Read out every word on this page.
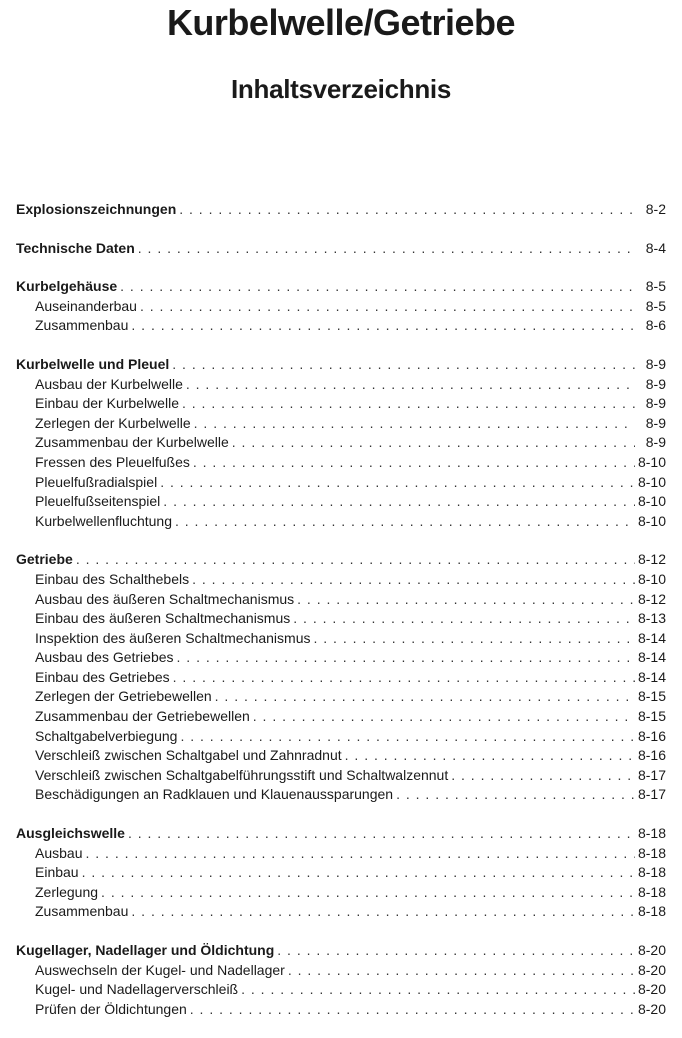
Kurbelwelle/Getriebe
Inhaltsverzeichnis
Explosionszeichnungen . . .	8-2
Technische Daten . . .	8-4
Kurbelgehäuse . . .	8-5
Auseinanderbau . . .	8-5
Zusammenbau . . .	8-6
Kurbelwelle und Pleuel . . .	8-9
Ausbau der Kurbelwelle . . .	8-9
Einbau der Kurbelwelle . . .	8-9
Zerlegen der Kurbelwelle . . .	8-9
Zusammenbau der Kurbelwelle . . .	8-9
Fressen des Pleuelfußes . . .	8-10
Pleuelfußradialspiel . . .	8-10
Pleuelfußseitenspiel . . .	8-10
Kurbelwellenfluchtung . . .	8-10
Getriebe . . .	8-12
Einbau des Schalthebels . . .	8-10
Ausbau des äußeren Schaltmechanismus . . .	8-12
Einbau des äußeren Schaltmechanismus . . .	8-13
Inspektion des äußeren Schaltmechanismus . . .	8-14
Ausbau des Getriebes . . .	8-14
Einbau des Getriebes . . .	8-14
Zerlegen der Getriebewellen . . .	8-15
Zusammenbau der Getriebewellen . . .	8-15
Schaltgabelverbiegung . . .	8-16
Verschleiß zwischen Schaltgabel und Zahnradnut . . .	8-16
Verschleiß zwischen Schaltgabelführungsstift und Schaltwalzennut . . .	8-17
Beschädigungen an Radklauen und Klauenaussparungen . . .	8-17
Ausgleichswelle . . .	8-18
Ausbau . . .	8-18
Einbau . . .	8-18
Zerlegung . . .	8-18
Zusammenbau . . .	8-18
Kugellager, Nadellager und Öldichtung . . .	8-20
Auswechseln der Kugel- und Nadellager . . .	8-20
Kugel- und Nadellagerverschleiß . . .	8-20
Prüfen der Öldichtungen . . .	8-20
